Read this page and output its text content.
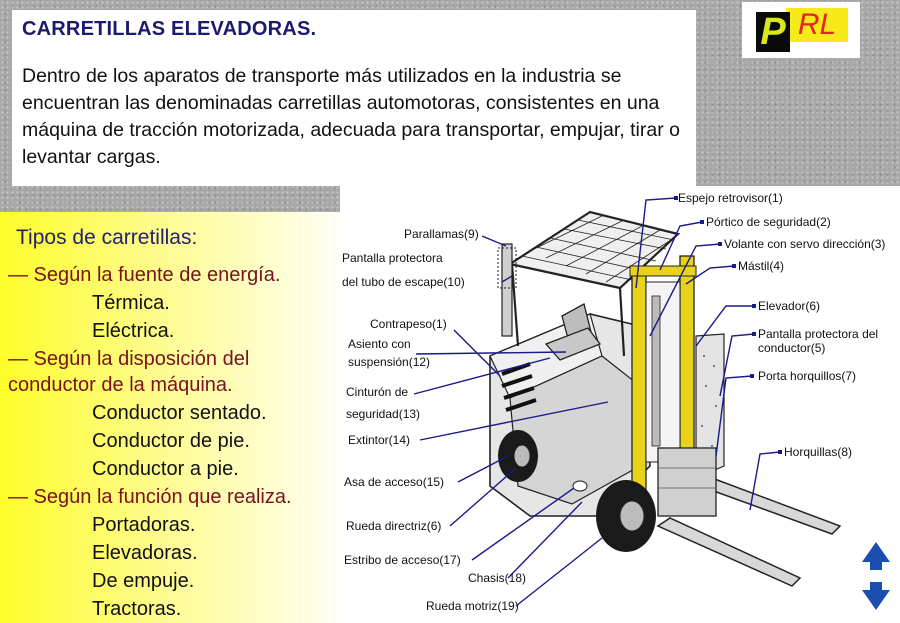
CARRETILLAS ELEVADORAS.

Dentro de los aparatos de transporte más utilizados en la industria se encuentran las denominadas carretillas automotoras, consistentes en una máquina de tracción motorizada, adecuada para transportar, empujar, tirar o levantar cargas.

RL
P
Tipos de carretillas:
— Según la fuente de energía.
Térmica.
Eléctrica.
— Según la disposición del
conductor de la máquina.
Conductor sentado.
Conductor de pie.
Conductor a pie.
— Según la función que realiza.
Portadoras.
Elevadoras.
De empuje.
Tractoras.
Espejo retrovisor(1)
Pórtico de seguridad(2)
Volante con servo dirección(3)
Mástil(4)
Elevador(6)
Pantalla protectora del
conductor(5)
Porta horquillos(7)
Horquillas(8)
Parallamas(9)
Pantalla protectora
del tubo de escape(10)
Contrapeso(1)
Asiento con
suspensión(12)
Cinturón de
seguridad(13)
Extintor(14)
Asa de acceso(15)
Rueda directriz(6)
Estribo de acceso(17)
Chasis(18)
Rueda motriz(19)
